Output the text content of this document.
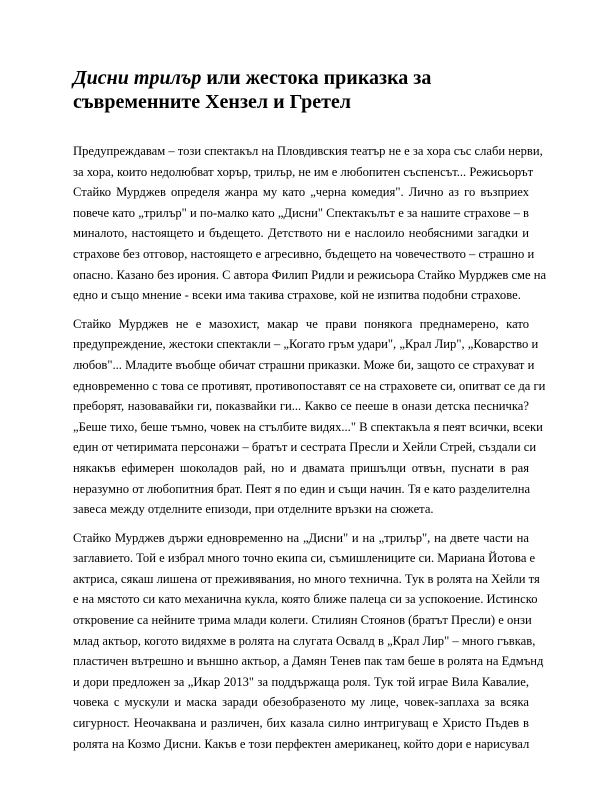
Дисни трилър или жестока приказка за съвременните Хензел и Гретел

Предупреждавам – този спектакъл на Пловдивския театър не е за хора със слаби нерви,
за хора, които недолюбват хорър, трилър, не им е любопитен съспенсът... Режисьорът
Стайко Мурджев определя жанра му като „черна комедия". Лично аз го възприех
повече като „трилър" и по-малко като „Дисни" Спектакълът е за нашите страхове – в
миналото, настоящето и бъдещето. Детството ни е наслоило необясними загадки и
страхове без отговор, настоящето е агресивно, бъдещето на човечеството – страшно и
опасно. Казано без ирония. С автора Филип Ридли и режисьора Стайко Мурджев сме на
едно и също мнение - всеки има такива страхове, кой не изпитва подобни страхове.

Стайко Мурджев не е мазохист, макар че прави понякога преднамерено, като
предупреждение, жестоки спектакли – „Когато гръм удари", „Крал Лир", „Коварство и
любов"... Младите въобще обичат страшни приказки. Може би, защото се страхуват и
едновременно с това се противят, противопоставят се на страховете си, опитват се да ги
преборят, назовавайки ги, показвайки ги... Какво се пееше в онази детска песничка?
„Беше тихо, беше тъмно, човек на стълбите видях..." В спектакъла я пеят всички, всеки
един от четиримата персонажи – братът и сестрата Пресли и Хейли Стрей, създали си
някакъв ефимерен шоколадов рай, но и двамата пришълци отвън, пуснати в рая
неразумно от любопитния брат. Пеят я по един и същи начин. Тя е като разделителна
завеса между отделните епизоди, при отделните връзки на сюжета.

Стайко Мурджев държи едновременно на „Дисни" и на „трилър", на двете части на
заглавието. Той е избрал много точно екипа си, съмишлениците си. Мариана Йотова е
актриса, сякаш лишена от преживявания, но много технична. Тук в ролята на Хейли тя
е на мястото си като механична кукла, която ближе палеца си за успокоение. Истинско
откровение са нейните трима млади колеги. Стилиян Стоянов (братът Пресли) е онзи
млад актьор, когото видяхме в ролята на слугата Освалд в „Крал Лир" – много гъвкав,
пластичен вътрешно и външно актьор, а Дамян Тенев пак там беше в ролята на Едмънд
и дори предложен за „Икар 2013" за поддържаща роля. Тук той играе Вила Кавалие,
човека с мускули и маска заради обезобразеното му лице, човек-заплаха за всяка
сигурност. Неочаквана и различен, бих казала силно интригуващ е Христо Пъдев в
ролята на Козмо Дисни. Какъв е този перфектен американец, който дори е нарисувал
